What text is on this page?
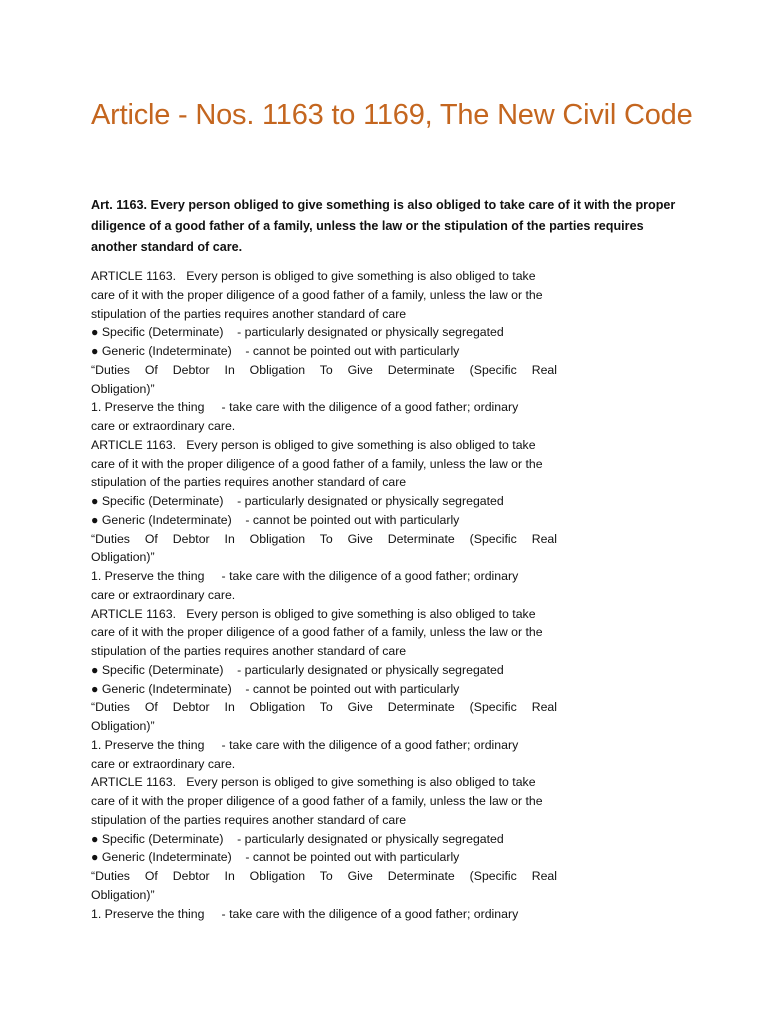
Article - Nos. 1163 to 1169, The New Civil Code

Art. 1163. Every person obliged to give something is also obliged to take care of it with the proper diligence of a good father of a family, unless the law or the stipulation of the parties requires another standard of care.

ARTICLE 1163.   Every person is obliged to give something is also obliged to take
care of it with the proper diligence of a good father of a family, unless the law or the
stipulation of the parties requires another standard of care
● Specific (Determinate)    - particularly designated or physically segregated
● Generic (Indeterminate)    - cannot be pointed out with particularly
“Duties Of Debtor In Obligation To Give Determinate (Specific Real
Obligation)”
1. Preserve the thing     - take care with the diligence of a good father; ordinary
care or extraordinary care.
ARTICLE 1163.   Every person is obliged to give something is also obliged to take
care of it with the proper diligence of a good father of a family, unless the law or the
stipulation of the parties requires another standard of care
● Specific (Determinate)    - particularly designated or physically segregated
● Generic (Indeterminate)    - cannot be pointed out with particularly
“Duties Of Debtor In Obligation To Give Determinate (Specific Real
Obligation)”
1. Preserve the thing     - take care with the diligence of a good father; ordinary
care or extraordinary care.
ARTICLE 1163.   Every person is obliged to give something is also obliged to take
care of it with the proper diligence of a good father of a family, unless the law or the
stipulation of the parties requires another standard of care
● Specific (Determinate)    - particularly designated or physically segregated
● Generic (Indeterminate)    - cannot be pointed out with particularly
“Duties Of Debtor In Obligation To Give Determinate (Specific Real
Obligation)”
1. Preserve the thing     - take care with the diligence of a good father; ordinary
care or extraordinary care.
ARTICLE 1163.   Every person is obliged to give something is also obliged to take
care of it with the proper diligence of a good father of a family, unless the law or the
stipulation of the parties requires another standard of care
● Specific (Determinate)    - particularly designated or physically segregated
● Generic (Indeterminate)    - cannot be pointed out with particularly
“Duties Of Debtor In Obligation To Give Determinate (Specific Real
Obligation)”
1. Preserve the thing     - take care with the diligence of a good father; ordinary
